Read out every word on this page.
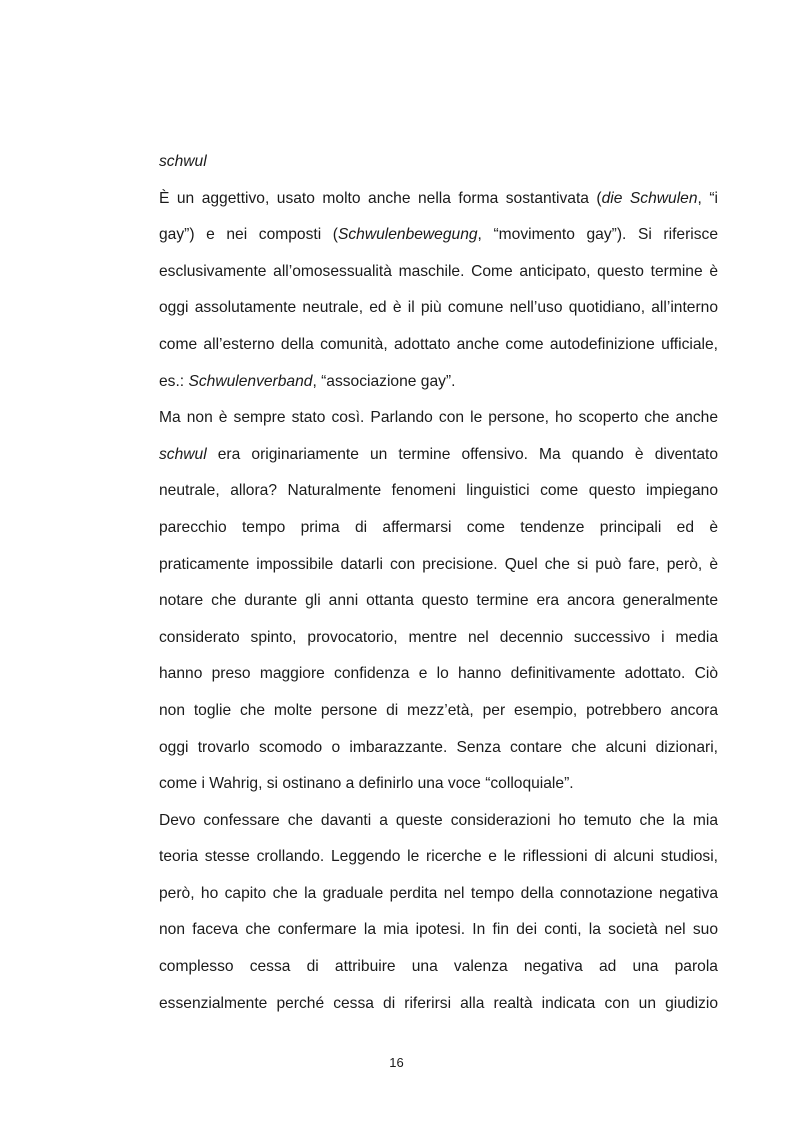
schwul
È un aggettivo, usato molto anche nella forma sostantivata (die Schwulen, “i
gay”) e nei composti (Schwulenbewegung, “movimento gay”). Si riferisce
esclusivamente all’omosessualità maschile. Come anticipato, questo termine è
oggi assolutamente neutrale, ed è il più comune nell’uso quotidiano, all’interno
come all’esterno della comunità, adottato anche come autodefinizione ufficiale,
es.: Schwulenverband, “associazione gay”.
Ma non è sempre stato così. Parlando con le persone, ho scoperto che anche
schwul era originariamente un termine offensivo. Ma quando è diventato
neutrale, allora? Naturalmente fenomeni linguistici come questo impiegano
parecchio tempo prima di affermarsi come tendenze principali ed è
praticamente impossibile datarli con precisione. Quel che si può fare, però, è
notare che durante gli anni ottanta questo termine era ancora generalmente
considerato spinto, provocatorio, mentre nel decennio successivo i media
hanno preso maggiore confidenza e lo hanno definitivamente adottato. Ciò
non toglie che molte persone di mezz’età, per esempio, potrebbero ancora
oggi trovarlo scomodo o imbarazzante. Senza contare che alcuni dizionari,
come i Wahrig, si ostinano a definirlo una voce “colloquiale”.
Devo confessare che davanti a queste considerazioni ho temuto che la mia
teoria stesse crollando. Leggendo le ricerche e le riflessioni di alcuni studiosi,
però, ho capito che la graduale perdita nel tempo della connotazione negativa
non faceva che confermare la mia ipotesi. In fin dei conti, la società nel suo
complesso cessa di attribuire una valenza negativa ad una parola
essenzialmente perché cessa di riferirsi alla realtà indicata con un giudizio
16
